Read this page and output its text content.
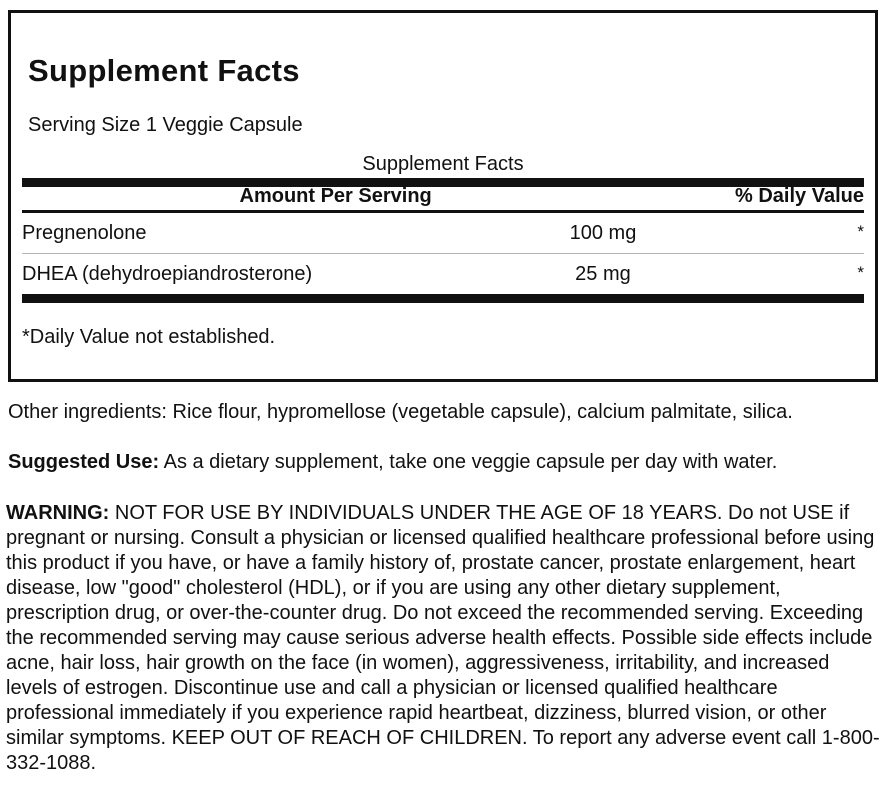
Supplement Facts
Serving Size 1 Veggie Capsule
Supplement Facts
Amount Per Serving	% Daily Value
Pregnenolone	100 mg	*
DHEA (dehydroepiandrosterone)	25 mg	*
*Daily Value not established.

Other ingredients: Rice flour, hypromellose (vegetable capsule), calcium palmitate, silica.

Suggested Use: As a dietary supplement, take one veggie capsule per day with water.

WARNING: NOT FOR USE BY INDIVIDUALS UNDER THE AGE OF 18 YEARS. Do not USE if pregnant or nursing. Consult a physician or licensed qualified healthcare professional before using this product if you have, or have a family history of, prostate cancer, prostate enlargement, heart disease, low "good" cholesterol (HDL), or if you are using any other dietary supplement, prescription drug, or over-the-counter drug. Do not exceed the recommended serving. Exceeding the recommended serving may cause serious adverse health effects. Possible side effects include acne, hair loss, hair growth on the face (in women), aggressiveness, irritability, and increased levels of estrogen. Discontinue use and call a physician or licensed qualified healthcare professional immediately if you experience rapid heartbeat, dizziness, blurred vision, or other similar symptoms. KEEP OUT OF REACH OF CHILDREN. To report any adverse event call 1-800-332-1088.
